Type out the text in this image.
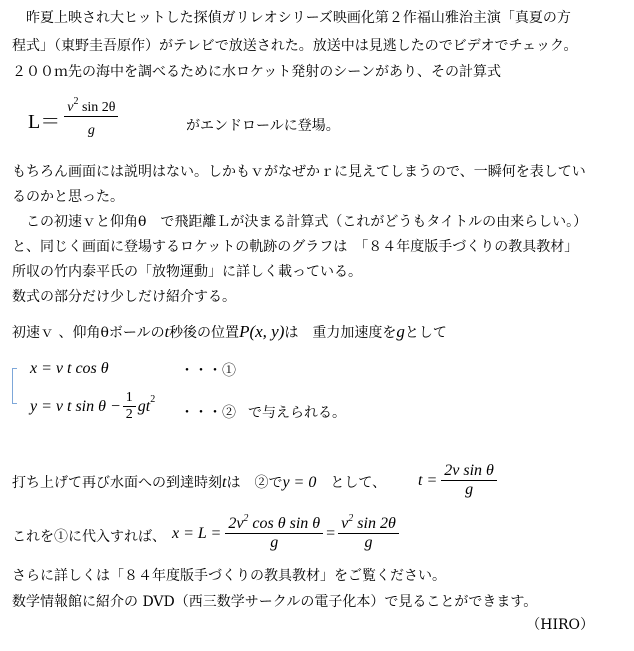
　昨夏上映され大ヒットした探偵ガリレオシリーズ映画化第２作福山雅治主演「真夏の方
程式」（東野圭吾原作）がテレビで放送された。放送中は見逃したのでビデオでチェック。
２００ｍ先の海中を調べるために水ロケット発射のシーンがあり、その計算式
$L= \frac{v^2 \sin 2\theta}{g}$	がエンドロールに登場。
もちろん画面には説明はない。しかもｖがなぜかｒに見えてしまうので、一瞬何を表してい
るのかと思った。
　この初速ｖと仰角θ　で飛距離Ｌが決まる計算式（これがどうもタイトルの由来らしい。）
と、同じく画面に登場するロケットの軌跡のグラフは　「８４年度版手づくりの教具教材」
所収の竹内泰平氏の「放物運動」に詳しく載っている。
数式の部分だけ少しだけ紹介する。
初速ｖ 、仰角θボールのt秒後の位置P(x, y)は　重力加速度をgとして
x = v t cos θ	・・・①
y = v t $\sin \theta - \frac{1}{2}$ gt 2
・・・② で与えられる。
打ち上げて再び水面への到達時刻tは　②でy = 0　として、 $t = \frac{\text{2v sin θ}}{g}$
これを①に代入すれば、 $x = L = \frac{2v^2 \cos \theta \sin \theta}{g} = \frac{v^2 \sin 2\theta}{g}$
さらに詳しくは「８４年度版手づくりの教具教材」をご覧ください。
数学情報館に紹介の DVD（西三数学サークルの電子化本）で見ることができます。
（HIRO）
